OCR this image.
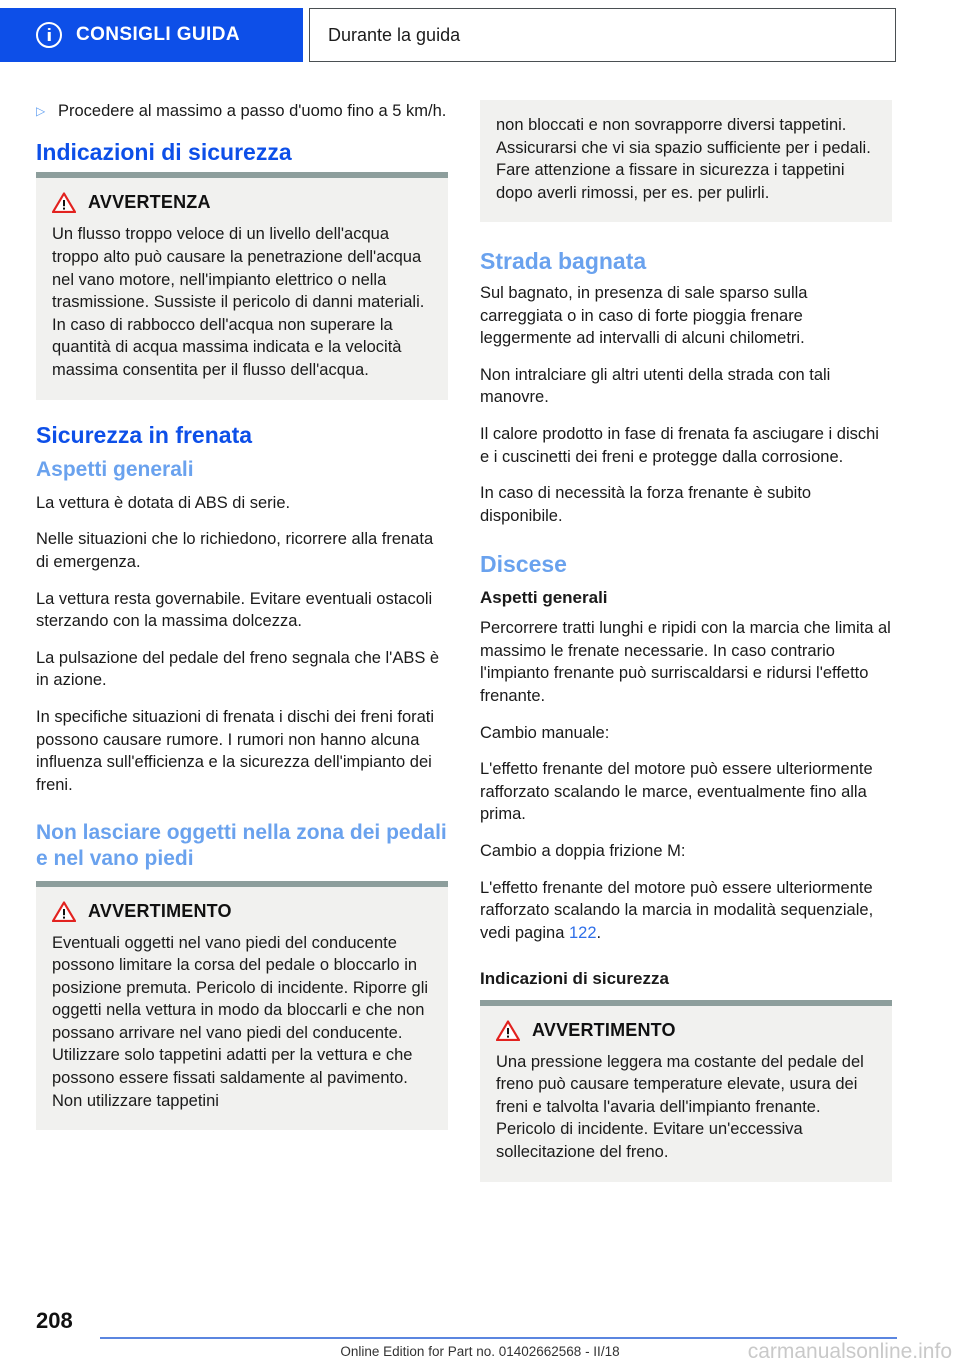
CONSIGLI GUIDA	Durante la guida
▷ Procedere al massimo a passo d'uomo fino a 5 km/h.
Indicazioni di sicurezza
AVVERTENZA
Un flusso troppo veloce di un livello dell'acqua troppo alto può causare la penetrazione dell'acqua nel vano motore, nell'impianto elettrico o nella trasmissione. Sussiste il pericolo di danni materiali. In caso di rabbocco dell'acqua non superare la quantità di acqua massima indicata e la velocità massima consentita per il flusso dell'acqua.
Sicurezza in frenata
Aspetti generali

La vettura è dotata di ABS di serie.

Nelle situazioni che lo richiedono, ricorrere alla frenata di emergenza.

La vettura resta governabile. Evitare eventuali ostacoli sterzando con la massima dolcezza.

La pulsazione del pedale del freno segnala che l'ABS è in azione.

In specifiche situazioni di frenata i dischi dei freni forati possono causare rumore. I rumori non hanno alcuna influenza sull'efficienza e la sicurezza dell'impianto dei freni.

Non lasciare oggetti nella zona dei pedali e nel vano piedi
AVVERTIMENTO
Eventuali oggetti nel vano piedi del conducente possono limitare la corsa del pedale o bloccarlo in posizione premuta. Pericolo di incidente. Riporre gli oggetti nella vettura in modo da bloccarli e che non possano arrivare nel vano piedi del conducente. Utilizzare solo tappetini adatti per la vettura e che possono essere fissati saldamente al pavimento. Non utilizzare tappetini
non bloccati e non sovrapporre diversi tappetini. Assicurarsi che vi sia spazio sufficiente per i pedali. Fare attenzione a fissare in sicurezza i tappetini dopo averli rimossi, per es. per pulirli.
Strada bagnata

Sul bagnato, in presenza di sale sparso sulla carreggiata o in caso di forte pioggia frenare leggermente ad intervalli di alcuni chilometri.

Non intralciare gli altri utenti della strada con tali manovre.

Il calore prodotto in fase di frenata fa asciugare i dischi e i cuscinetti dei freni e protegge dalla corrosione.

In caso di necessità la forza frenante è subito disponibile.

Discese
Aspetti generali

Percorrere tratti lunghi e ripidi con la marcia che limita al massimo le frenate necessarie. In caso contrario l'impianto frenante può surriscaldarsi e ridursi l'effetto frenante.

Cambio manuale:

L'effetto frenante del motore può essere ulteriormente rafforzato scalando le marce, eventualmente fino alla prima.

Cambio a doppia frizione M:

L'effetto frenante del motore può essere ulteriormente rafforzato scalando la marcia in modalità sequenziale, vedi pagina 122.

Indicazioni di sicurezza
AVVERTIMENTO
Una pressione leggera ma costante del pedale del freno può causare temperature elevate, usura dei freni e talvolta l'avaria dell'impianto frenante. Pericolo di incidente. Evitare un'eccessiva sollecitazione del freno.
208
Online Edition for Part no. 01402662568 - II/18	carmanualsonline.info
